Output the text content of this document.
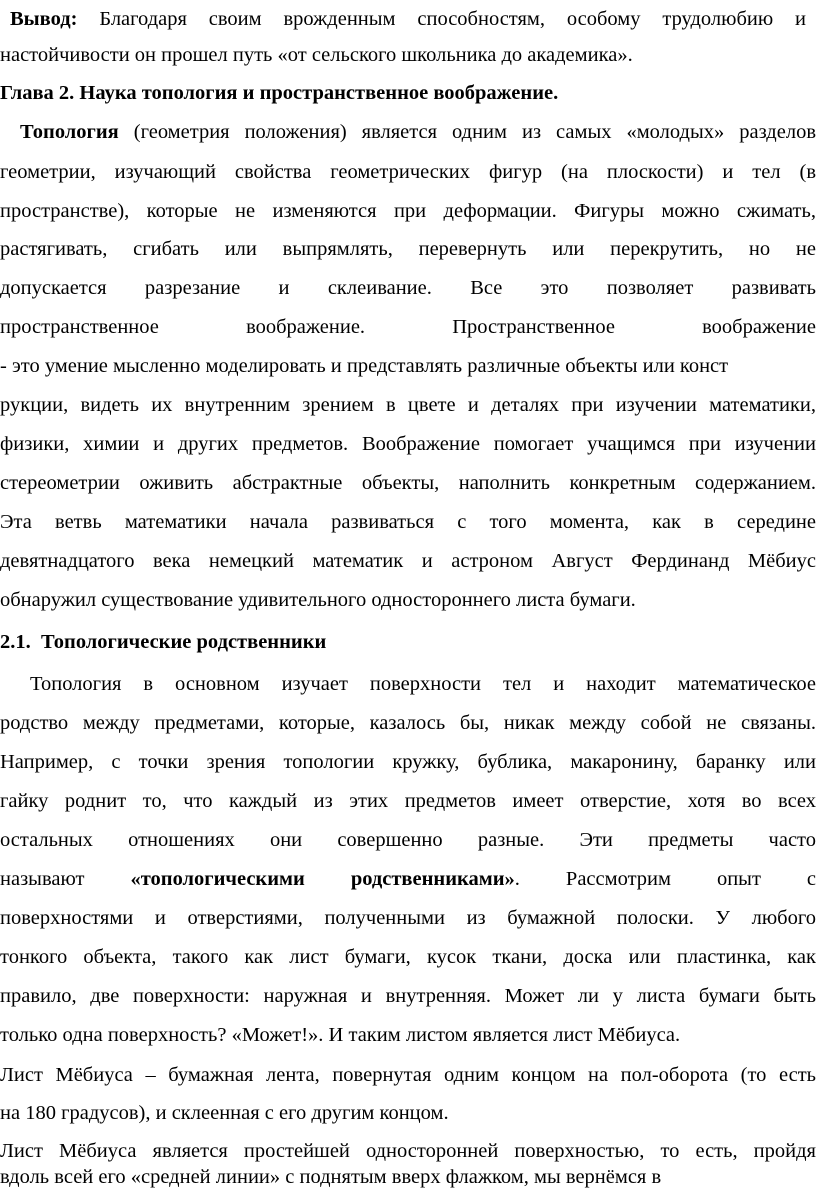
Вывод: Благодаря своим врожденным способностям, особому трудолюбию и
настойчивости он прошел путь «от сельского школьника до академика».
Глава 2. Наука топология и пространственное воображение.
Топология (геометрия положения) является одним из самых «молодых» разделов
геометрии, изучающий свойства геометрических фигур (на плоскости) и тел (в
пространстве), которые не изменяются при деформации. Фигуры можно сжимать,
растягивать, сгибать или выпрямлять, перевернуть или перекрутить, но не
допускается разрезание и склеивание. Все это позволяет развивать
пространственное воображение. Пространственное воображение
- это умение мысленно моделировать и представлять различные объекты или конст
рукции, видеть их внутренним зрением в цвете и деталях при изучении математики,
физики, химии и других предметов. Воображение помогает учащимся при изучении
стереометрии оживить абстрактные объекты, наполнить конкретным содержанием.
Эта ветвь математики начала развиваться с того момента, как в середине
девятнадцатого века немецкий математик и астроном Август Фердинанд Мёбиус
обнаружил существование удивительного одностороннего листа бумаги.
2.1. Топологические родственники
Топология в основном изучает поверхности тел и находит математическое
родство между предметами, которые, казалось бы, никак между собой не связаны.
Например, с точки зрения топологии кружку, бублика, макаронину, баранку или
гайку роднит то, что каждый из этих предметов имеет отверстие, хотя во всех
остальных отношениях они совершенно разные. Эти предметы часто
называют «топологическими родственниками». Рассмотрим опыт с
поверхностями и отверстиями, полученными из бумажной полоски. У любого
тонкого объекта, такого как лист бумаги, кусок ткани, доска или пластинка, как
правило, две поверхности: наружная и внутренняя. Может ли у листа бумаги быть
только одна поверхность? «Может!». И таким листом является лист Мёбиуса.
Лист Мёбиуса – бумажная лента, повернутая одним концом на пол-оборота (то есть
на 180 градусов), и склеенная с его другим концом.
Лист Мёбиуса является простейшей односторонней поверхностью, то есть, пройдя
вдоль всей его «средней линии» с поднятым вверх флажком, мы вернёмся в
